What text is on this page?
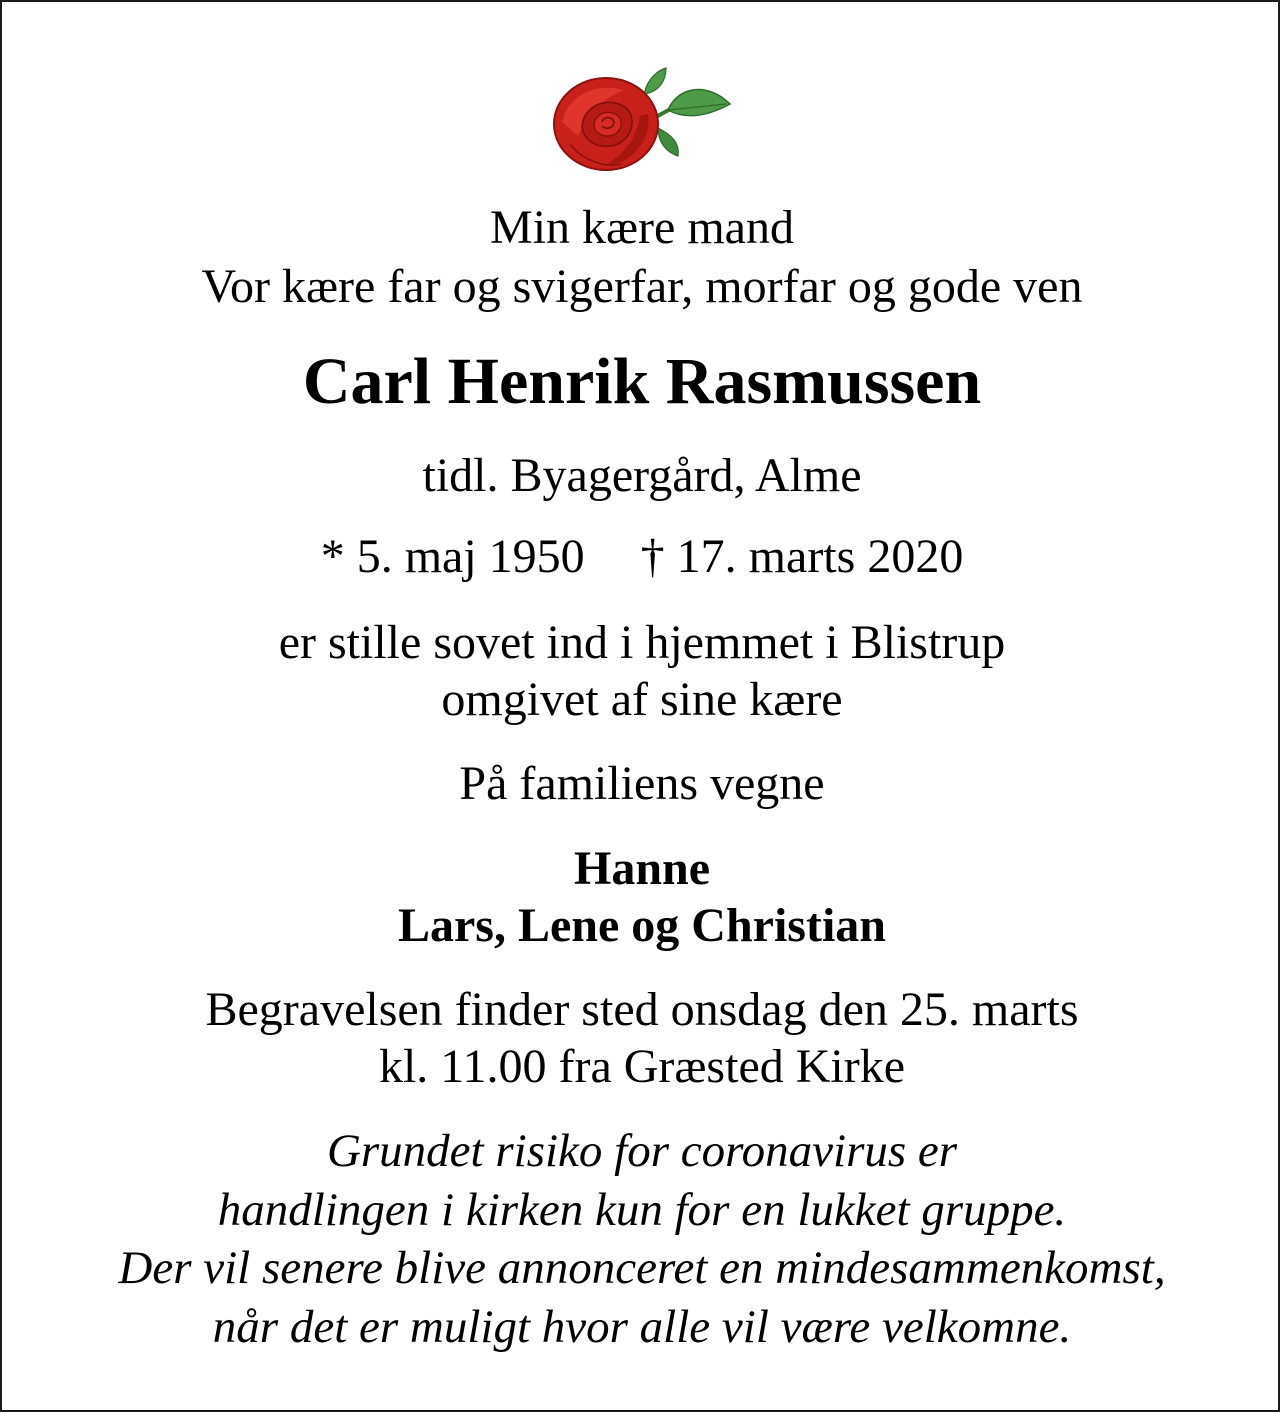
Min kære mand
Vor kære far og svigerfar, morfar og gode ven
Carl Henrik Rasmussen
tidl. Byagergård, Alme
* 5. maj 1950 † 17. marts 2020
er stille sovet ind i hjemmet i Blistrup
omgivet af sine kære
På familiens vegne
Hanne
Lars, Lene og Christian
Begravelsen finder sted onsdag den 25. marts
kl. 11.00 fra Græsted Kirke
Grundet risiko for coronavirus er
handlingen i kirken kun for en lukket gruppe.
Der vil senere blive annonceret en mindesammenkomst,
når det er muligt hvor alle vil være velkomne.
